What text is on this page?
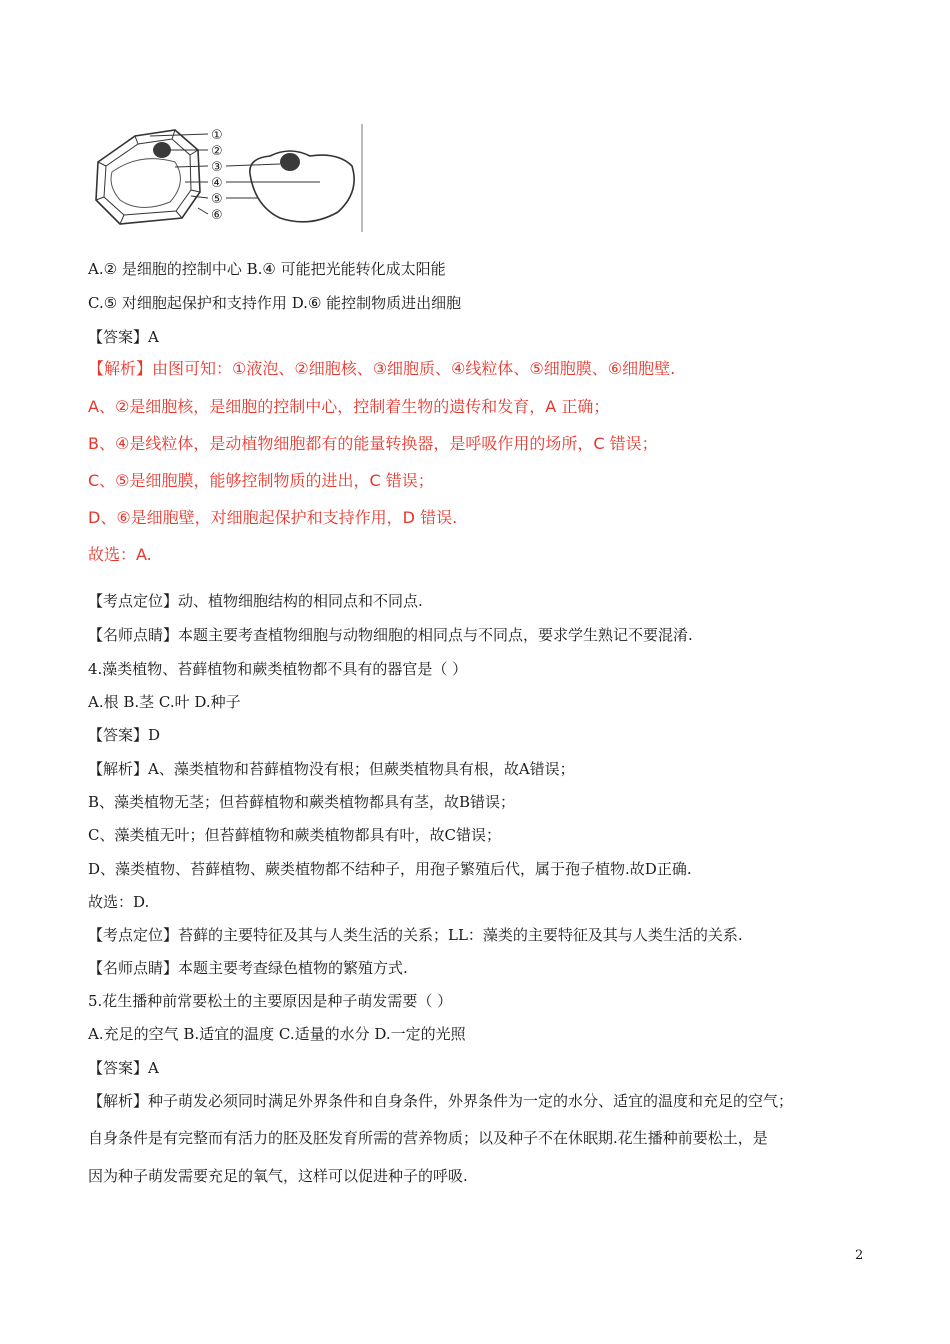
①
②
③
④
⑤
⑥
A.② 是细胞的控制中心 B.④ 可能把光能转化成太阳能
C.⑤ 对细胞起保护和支持作用 D.⑥ 能控制物质进出细胞
【答案】A
【解析】由图可知：①液泡、②细胞核、③细胞质、④线粒体、⑤细胞膜、⑥细胞壁.
A、②是细胞核，是细胞的控制中心，控制着生物的遗传和发育，A 正确；
B、④是线粒体，是动植物细胞都有的能量转换器，是呼吸作用的场所，C 错误；
C、⑤是细胞膜，能够控制物质的进出，C 错误；
D、⑥是细胞壁，对细胞起保护和支持作用，D 错误.
故选：A.
【考点定位】动、植物细胞结构的相同点和不同点.
【名师点睛】本题主要考查植物细胞与动物细胞的相同点与不同点，要求学生熟记不要混淆.
4.藻类植物、苔藓植物和蕨类植物都不具有的器官是（ ）
A.根 B.茎 C.叶 D.种子
【答案】D
【解析】A、藻类植物和苔藓植物没有根；但蕨类植物具有根，故A错误；
B、藻类植物无茎；但苔藓植物和蕨类植物都具有茎，故B错误；
C、藻类植无叶；但苔藓植物和蕨类植物都具有叶，故C错误；
D、藻类植物、苔藓植物、蕨类植物都不结种子，用孢子繁殖后代，属于孢子植物.故D正确.
故选：D.
【考点定位】苔藓的主要特征及其与人类生活的关系；LL：藻类的主要特征及其与人类生活的关系.
【名师点睛】本题主要考查绿色植物的繁殖方式.
5.花生播种前常要松土的主要原因是种子萌发需要（ ）
A.充足的空气 B.适宜的温度 C.适量的水分 D.一定的光照
【答案】A
【解析】种子萌发必须同时满足外界条件和自身条件，外界条件为一定的水分、适宜的温度和充足的空气；
自身条件是有完整而有活力的胚及胚发育所需的营养物质；以及种子不在休眠期.花生播种前要松土，是
因为种子萌发需要充足的氧气，这样可以促进种子的呼吸.
2
